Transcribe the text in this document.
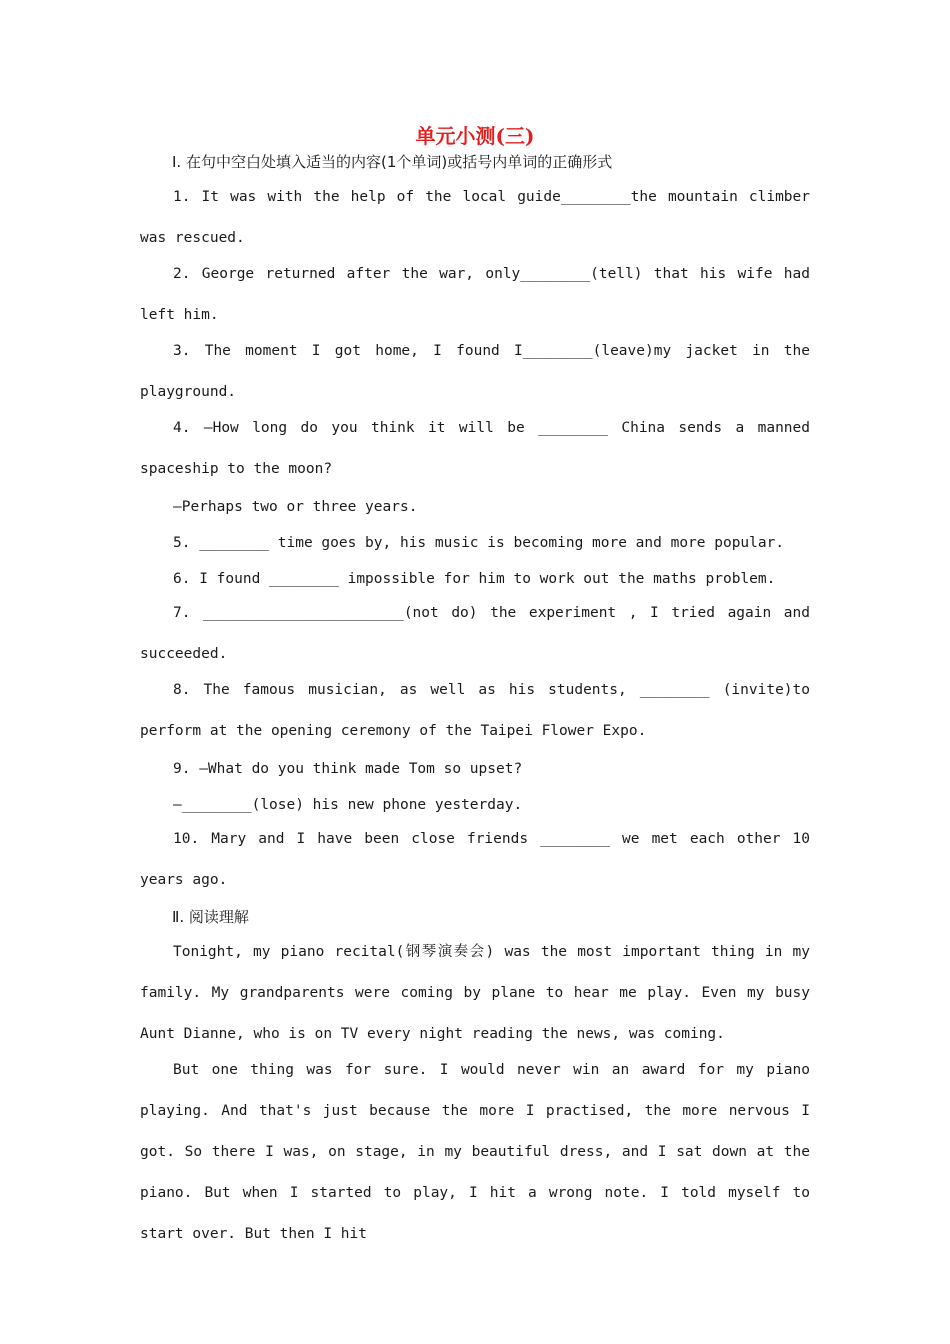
单元小测(三)
Ⅰ. 在句中空白处填入适当的内容(1个单词)或括号内单词的正确形式
1. It was with the help of the local guide________the mountain climber was rescued.
2. George returned after the war, only________(tell) that his wife had left him.
3. The moment I got home, I found I________(leave)my jacket in the playground.
4. —How long do you think it will be ________ China sends a manned spaceship to the moon?
—Perhaps two or three years.
5. ________ time goes by, his music is becoming more and more popular.
6. I found ________ impossible for him to work out the maths problem.
7. _______________________(not do) the experiment , I tried again and succeeded.
8. The famous musician, as well as his students, ________ (invite)to perform at the opening ceremony of the Taipei Flower Expo.
9. —What do you think made Tom so upset?
—________(lose) his new phone yesterday.
10. Mary and I have been close friends ________ we met each other 10 years ago.
Ⅱ. 阅读理解
Tonight, my piano recital(钢琴演奏会) was the most important thing in my family. My grandparents were coming by plane to hear me play. Even my busy Aunt Dianne, who is on TV every night reading the news, was coming.
But one thing was for sure. I would never win an award for my piano playing. And that's just because the more I practised, the more nervous I got. So there I was, on stage, in my beautiful dress, and I sat down at the piano. But when I started to play, I hit a wrong note. I told myself to start over. But then I hit
